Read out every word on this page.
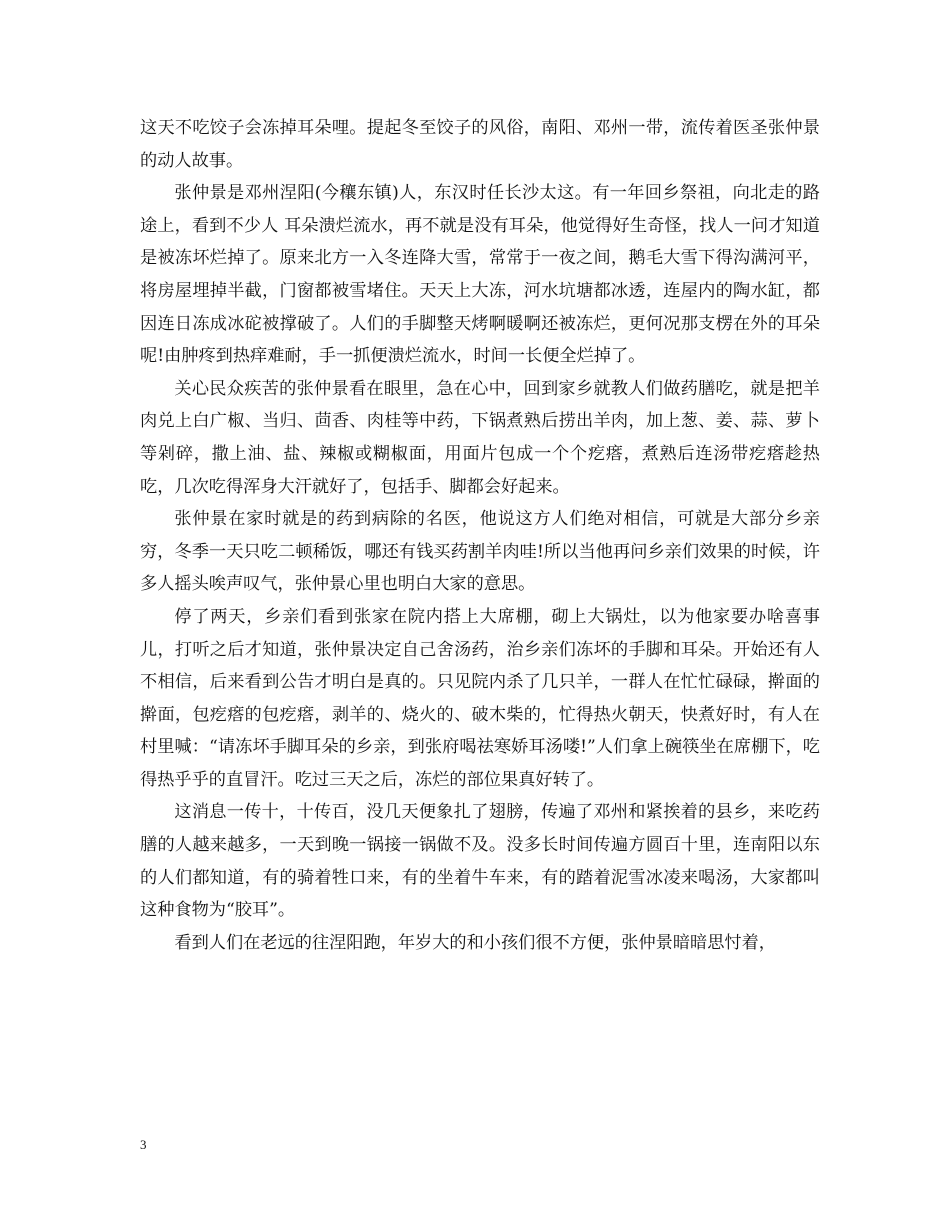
这天不吃饺子会冻掉耳朵哩。提起冬至饺子的风俗，南阳、邓州一带，流传着医圣张仲景的动人故事。

张仲景是邓州涅阳(今穰东镇)人，东汉时任长沙太这。有一年回乡祭祖，向北走的路途上，看到不少人 耳朵溃烂流水，再不就是没有耳朵，他觉得好生奇怪，找人一问才知道是被冻坏烂掉了。原来北方一入冬连降大雪，常常于一夜之间，鹅毛大雪下得沟满河平，将房屋埋掉半截，门窗都被雪堵住。天天上大冻，河水坑塘都冰透，连屋内的陶水缸，都因连日冻成冰砣被撑破了。人们的手脚整天烤啊暖啊还被冻烂，更何况那支楞在外的耳朵呢!由肿疼到热痒难耐，手一抓便溃烂流水，时间一长便全烂掉了。

关心民众疾苦的张仲景看在眼里，急在心中，回到家乡就教人们做药膳吃，就是把羊肉兑上白广椒、当归、茴香、肉桂等中药，下锅煮熟后捞出羊肉，加上葱、姜、蒜、萝卜等剁碎，撒上油、盐、辣椒或糊椒面，用面片包成一个个疙瘩，煮熟后连汤带疙瘩趁热吃，几次吃得浑身大汗就好了，包括手、脚都会好起来。

张仲景在家时就是的药到病除的名医，他说这方人们绝对相信，可就是大部分乡亲穷，冬季一天只吃二顿稀饭，哪还有钱买药割羊肉哇!所以当他再问乡亲们效果的时候，许多人摇头唉声叹气，张仲景心里也明白大家的意思。

停了两天，乡亲们看到张家在院内搭上大席棚，砌上大锅灶，以为他家要办啥喜事儿，打听之后才知道，张仲景决定自己舍汤药，治乡亲们冻坏的手脚和耳朵。开始还有人不相信，后来看到公告才明白是真的。只见院内杀了几只羊，一群人在忙忙碌碌，擀面的擀面，包疙瘩的包疙瘩，剥羊的、烧火的、破木柴的，忙得热火朝天，快煮好时，有人在村里喊：“请冻坏手脚耳朵的乡亲，到张府喝祛寒娇耳汤喽!”人们拿上碗筷坐在席棚下，吃得热乎乎的直冒汗。吃过三天之后，冻烂的部位果真好转了。

这消息一传十，十传百，没几天便象扎了翅膀，传遍了邓州和紧挨着的县乡，来吃药膳的人越来越多，一天到晚一锅接一锅做不及。没多长时间传遍方圆百十里，连南阳以东的人们都知道，有的骑着牲口来，有的坐着牛车来，有的踏着泥雪冰凌来喝汤，大家都叫这种食物为“胶耳”。

看到人们在老远的往涅阳跑，年岁大的和小孩们很不方便，张仲景暗暗思忖着，

3
